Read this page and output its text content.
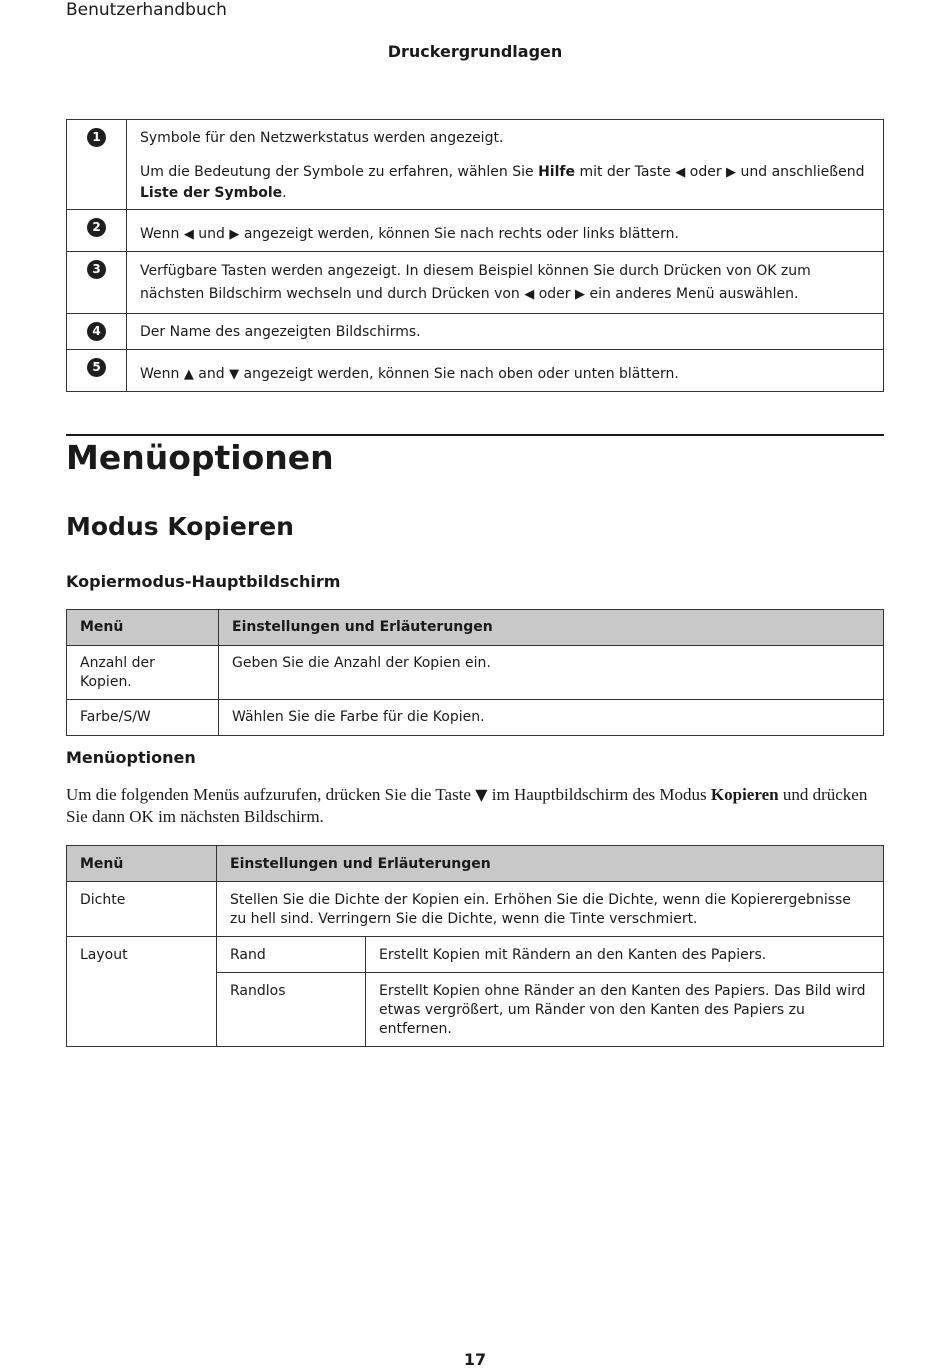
Benutzerhandbuch
Druckergrundlagen
1	Symbole für den Netzwerkstatus werden angezeigt.

Um die Bedeutung der Symbole zu erfahren, wählen Sie Hilfe mit der Taste ◀ oder ▶ und anschließend Liste der Symbole.

2	Wenn ◀ und ▶ angezeigt werden, können Sie nach rechts oder links blättern.

3	Verfügbare Tasten werden angezeigt. In diesem Beispiel können Sie durch Drücken von OK zum nächsten Bildschirm wechseln und durch Drücken von ◀ oder ▶ ein anderes Menü auswählen.

4	Der Name des angezeigten Bildschirms.

5	Wenn ▲ and ▼ angezeigt werden, können Sie nach oben oder unten blättern.

Menüoptionen
Modus Kopieren
Kopiermodus-Hauptbildschirm
Menü	Einstellungen und Erläuterungen
Anzahl der Kopien.	Geben Sie die Anzahl der Kopien ein.
Farbe/S/W	Wählen Sie die Farbe für die Kopien.
Menüoptionen
Um die folgenden Menüs aufzurufen, drücken Sie die Taste ▼ im Hauptbildschirm des Modus Kopieren und drücken Sie dann OK im nächsten Bildschirm.
Menü	Einstellungen und Erläuterungen	
Dichte	Stellen Sie die Dichte der Kopien ein. Erhöhen Sie die Dichte, wenn die Kopierergebnisse zu hell sind. Verringern Sie die Dichte, wenn die Tinte verschmiert.	
Layout	Rand	Erstellt Kopien mit Rändern an den Kanten des Papiers.
	Randlos	Erstellt Kopien ohne Ränder an den Kanten des Papiers. Das Bild wird etwas vergrößert, um Ränder von den Kanten des Papiers zu entfernen.
17
